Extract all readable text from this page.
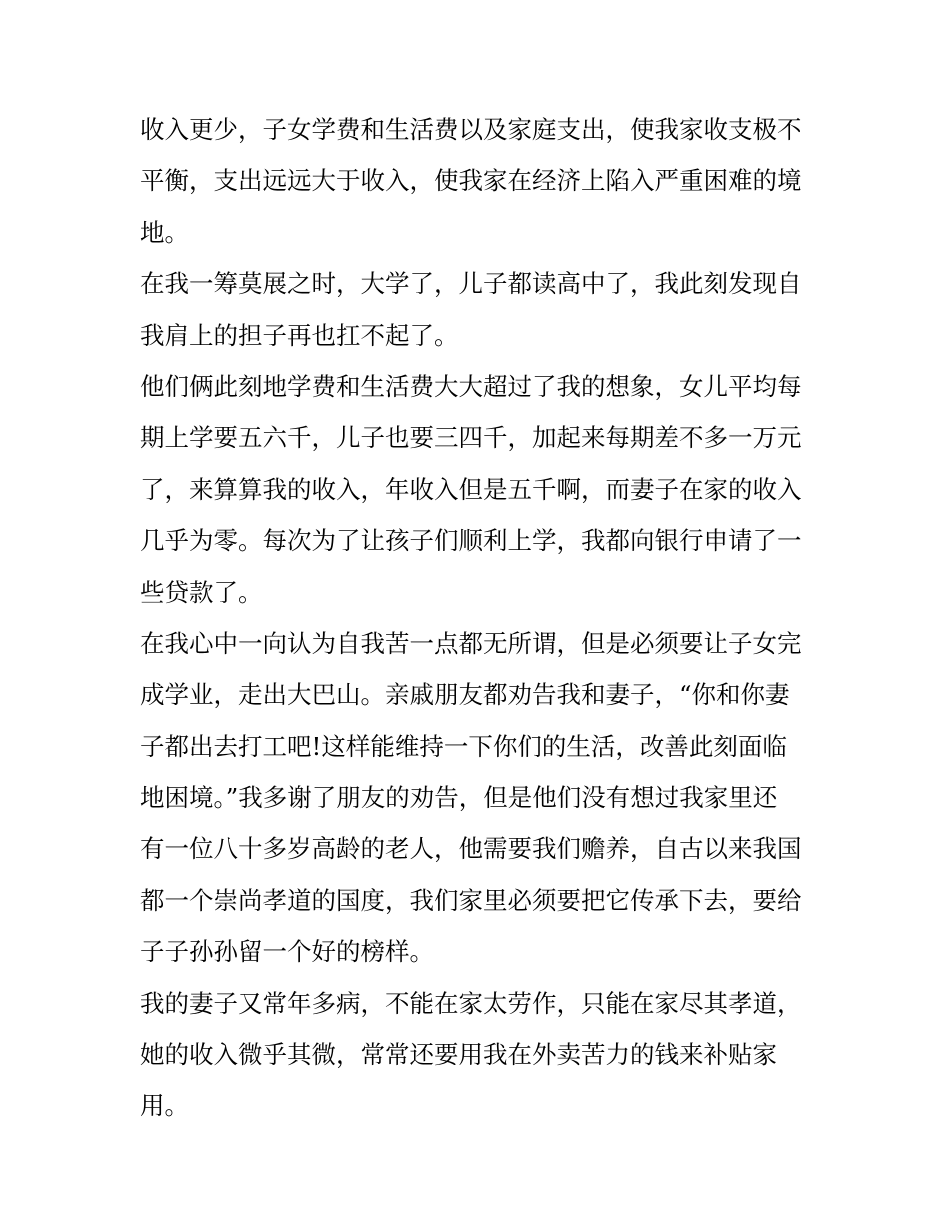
收入更少，子女学费和生活费以及家庭支出，使我家收支极不
平衡，支出远远大于收入，使我家在经济上陷入严重困难的境
地。
在我一筹莫展之时，大学了，儿子都读高中了，我此刻发现自
我肩上的担子再也扛不起了。
他们俩此刻地学费和生活费大大超过了我的想象，女儿平均每
期上学要五六千，儿子也要三四千，加起来每期差不多一万元
了，来算算我的收入，年收入但是五千啊，而妻子在家的收入
几乎为零。每次为了让孩子们顺利上学，我都向银行申请了一
些贷款了。
在我心中一向认为自我苦一点都无所谓，但是必须要让子女完
成学业，走出大巴山。亲戚朋友都劝告我和妻子，“你和你妻
子都出去打工吧!这样能维持一下你们的生活，改善此刻面临
地困境。”我多谢了朋友的劝告，但是他们没有想过我家里还
有一位八十多岁高龄的老人，他需要我们赡养，自古以来我国
都一个崇尚孝道的国度，我们家里必须要把它传承下去，要给
子子孙孙留一个好的榜样。
我的妻子又常年多病，不能在家太劳作，只能在家尽其孝道，
她的收入微乎其微，常常还要用我在外卖苦力的钱来补贴家
用。
